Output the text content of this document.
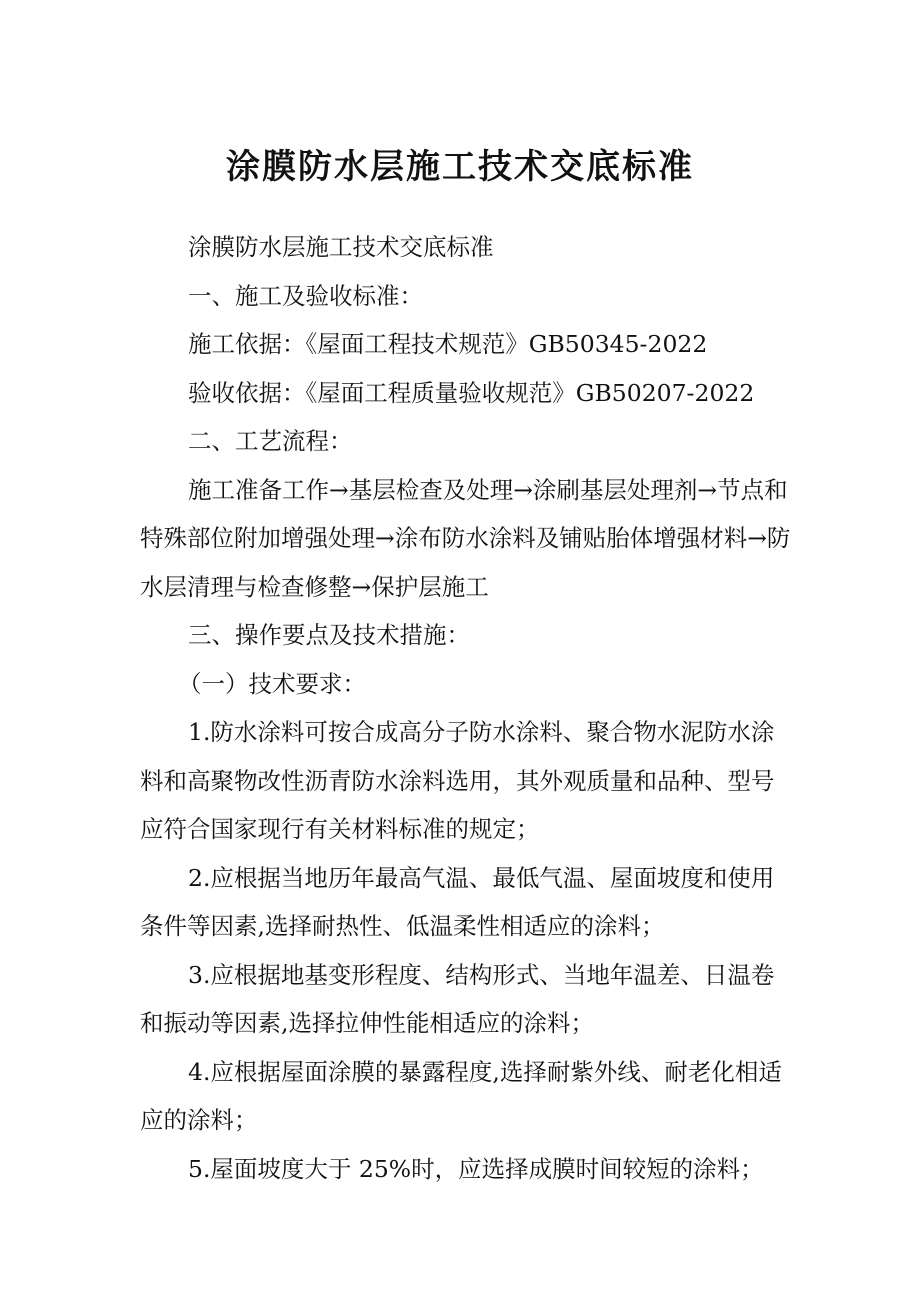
涂膜防水层施工技术交底标准

涂膜防水层施工技术交底标准

一、施工及验收标准：

施工依据：《屋面工程技术规范》GB50345-2022

验收依据：《屋面工程质量验收规范》GB50207-2022

二、工艺流程：

施工准备工作→基层检查及处理→涂刷基层处理剂→节点和特殊部位附加增强处理→涂布防水涂料及铺贴胎体增强材料→防水层清理与检查修整→保护层施工

三、操作要点及技术措施：

（一）技术要求：

1.防水涂料可按合成高分子防水涂料、聚合物水泥防水涂料和高聚物改性沥青防水涂料选用，其外观质量和品种、型号应符合国家现行有关材料标准的规定；

2.应根据当地历年最高气温、最低气温、屋面坡度和使用条件等因素,选择耐热性、低温柔性相适应的涂料；

3.应根据地基变形程度、结构形式、当地年温差、日温卷和振动等因素,选择拉伸性能相适应的涂料；

4.应根据屋面涂膜的暴露程度,选择耐紫外线、耐老化相适应的涂料；

5.屋面坡度大于 25%时，应选择成膜时间较短的涂料；
